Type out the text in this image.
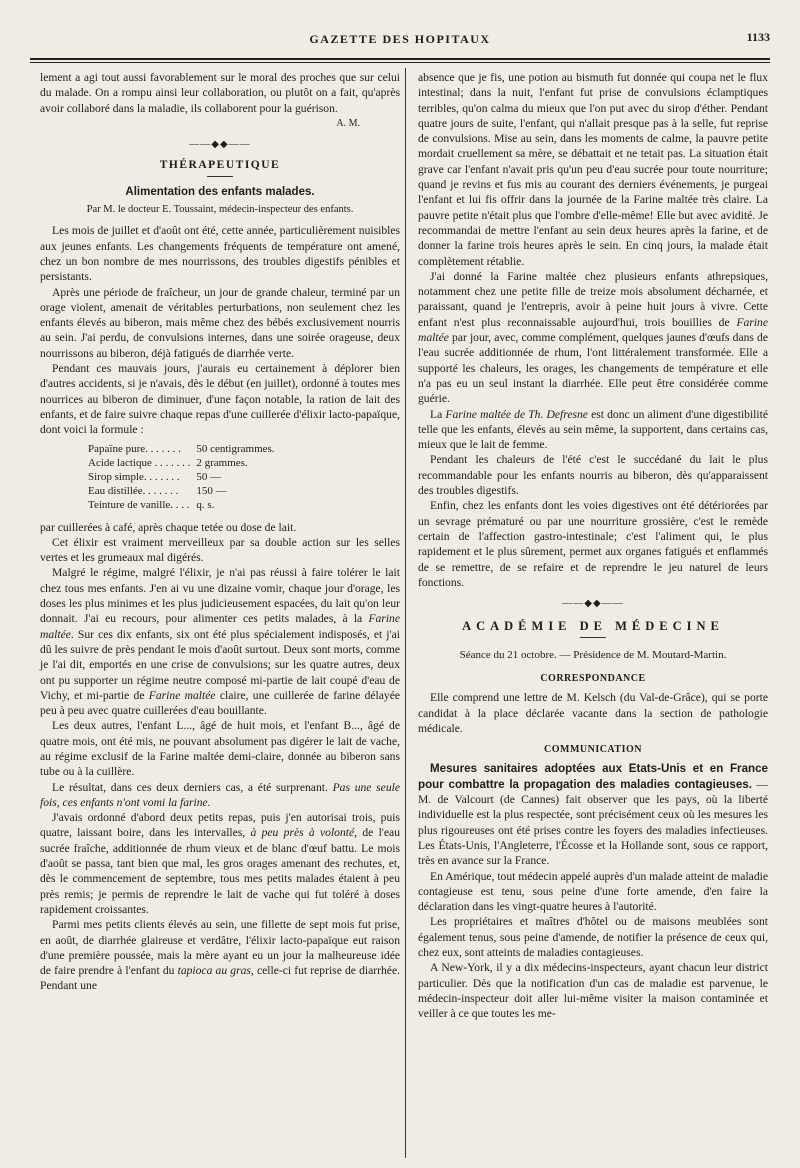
GAZETTE DES HOPITAUX	1133

lement a agi tout aussi favorablement sur le moral des proches que sur celui du malade. On a rompu ainsi leur collaboration, ou plutôt on a fait, qu'après avoir collaboré dans la maladie, ils collaborent pour la guérison.

A. M.
——◆◆——
THÉRAPEUTIQUE
Alimentation des enfants malades.
Par M. le docteur E. Toussaint, médecin-inspecteur des enfants.

Les mois de juillet et d'août ont été, cette année, particulièrement nuisibles aux jeunes enfants. Les changements fréquents de température ont amené, chez un bon nombre de mes nourrissons, des troubles digestifs pénibles et persistants.

Après une période de fraîcheur, un jour de grande chaleur, terminé par un orage violent, amenait de véritables perturbations, non seulement chez les enfants élevés au biberon, mais même chez des bébés exclusivement nourris au sein. J'ai perdu, de convulsions internes, dans une soirée orageuse, deux nourrissons au biberon, déjà fatigués de diarrhée verte.

Pendant ces mauvais jours, j'aurais eu certainement à déplorer bien d'autres accidents, si je n'avais, dès le début (en juillet), ordonné à toutes mes nourrices au biberon de diminuer, d'une façon notable, la ration de lait des enfants, et de faire suivre chaque repas d'une cuillerée d'élixir lacto-papaïque, dont voici la formule :

Papaïne pure. . . . . . .	50 centigrammes.
Acide lactique . . . . . . .	2 grammes.
Sirop simple. . . . . . .	50 —
Eau distillée. . . . . . .	150 —
Teinture de vanille. . . .	q. s.

par cuillerées à café, après chaque tetée ou dose de lait.

Cet élixir est vraiment merveilleux par sa double action sur les selles vertes et les grumeaux mal digérés.

Malgré le régime, malgré l'élixir, je n'ai pas réussi à faire tolérer le lait chez tous mes enfants. J'en ai vu une dizaine vomir, chaque jour d'orage, les doses les plus minimes et les plus judicieusement espacées, du lait qu'on leur donnait. J'ai eu recours, pour alimenter ces petits malades, à la Farine maltée. Sur ces dix enfants, six ont été plus spécialement indisposés, et j'ai dû les suivre de près pendant le mois d'août surtout. Deux sont morts, comme je l'ai dit, emportés en une crise de convulsions; sur les quatre autres, deux ont pu supporter un régime neutre composé mi-partie de lait coupé d'eau de Vichy, et mi-partie de Farine maltée claire, une cuillerée de farine délayée peu à peu avec quatre cuillerées d'eau bouillante.

Les deux autres, l'enfant L..., âgé de huit mois, et l'enfant B..., âgé de quatre mois, ont été mis, ne pouvant absolument pas digérer le lait de vache, au régime exclusif de la Farine maltée demi-claire, donnée au biberon sans tube ou à la cuillère.

Le résultat, dans ces deux derniers cas, a été surprenant. Pas une seule fois, ces enfants n'ont vomi la farine.

J'avais ordonné d'abord deux petits repas, puis j'en autorisai trois, puis quatre, laissant boire, dans les intervalles, à peu près à volonté, de l'eau sucrée fraîche, additionnée de rhum vieux et de blanc d'œuf battu. Le mois d'août se passa, tant bien que mal, les gros orages amenant des rechutes, et, dès le commencement de septembre, tous mes petits malades étaient à peu près remis; je permis de reprendre le lait de vache qui fut toléré à doses rapidement croissantes.

Parmi mes petits clients élevés au sein, une fillette de sept mois fut prise, en août, de diarrhée glaireuse et verdâtre, l'élixir lacto-papaïque eut raison d'une première poussée, mais la mère ayant eu un jour la malheureuse idée de faire prendre à l'enfant du tapioca au gras, celle-ci fut reprise de diarrhée. Pendant une

absence que je fis, une potion au bismuth fut donnée qui coupa net le flux intestinal; dans la nuit, l'enfant fut prise de convulsions éclamptiques terribles, qu'on calma du mieux que l'on put avec du sirop d'éther. Pendant quatre jours de suite, l'enfant, qui n'allait presque pas à la selle, fut reprise de convulsions. Mise au sein, dans les moments de calme, la pauvre petite mordait cruellement sa mère, se débattait et ne tetait pas. La situation était grave car l'enfant n'avait pris qu'un peu d'eau sucrée pour toute nourriture; quand je revins et fus mis au courant des derniers événements, je purgeai l'enfant et lui fis offrir dans la journée de la Farine maltée très claire. La pauvre petite n'était plus que l'ombre d'elle-même! Elle but avec avidité. Je recommandai de mettre l'enfant au sein deux heures après la farine, et de donner la farine trois heures après le sein. En cinq jours, la malade était complètement rétablie.

J'ai donné la Farine maltée chez plusieurs enfants athrepsiques, notamment chez une petite fille de treize mois absolument décharnée, et paraissant, quand je l'entrepris, avoir à peine huit jours à vivre. Cette enfant n'est plus reconnaissable aujourd'hui, trois bouillies de Farine maltée par jour, avec, comme complément, quelques jaunes d'œufs dans de l'eau sucrée additionnée de rhum, l'ont littéralement transformée. Elle a supporté les chaleurs, les orages, les changements de température et elle n'a pas eu un seul instant la diarrhée. Elle peut être considérée comme guérie.

La Farine maltée de Th. Defresne est donc un aliment d'une digestibilité telle que les enfants, élevés au sein même, la supportent, dans certains cas, mieux que le lait de femme.

Pendant les chaleurs de l'été c'est le succédané du lait le plus recommandable pour les enfants nourris au biberon, dès qu'apparaissent des troubles digestifs.

Enfin, chez les enfants dont les voies digestives ont été détériorées par un sevrage prématuré ou par une nourriture grossière, c'est le remède certain de l'affection gastro-intestinale; c'est l'aliment qui, le plus rapidement et le plus sûrement, permet aux organes fatigués et enflammés de se remettre, de se refaire et de reprendre le jeu naturel de leurs fonctions.

——◆◆——
ACADÉMIE DE MÉDECINE
Séance du 21 octobre. — Présidence de M. Moutard-Martin.
CORRESPONDANCE

Elle comprend une lettre de M. Kelsch (du Val-de-Grâce), qui se porte candidat à la place déclarée vacante dans la section de pathologie médicale.

COMMUNICATION

Mesures sanitaires adoptées aux Etats-Unis et en France pour combattre la propagation des maladies contagieuses. — M. de Valcourt (de Cannes) fait observer que les pays, où la liberté individuelle est la plus respectée, sont précisément ceux où les mesures les plus rigoureuses ont été prises contre les foyers des maladies infectieuses. Les États-Unis, l'Angleterre, l'Écosse et la Hollande sont, sous ce rapport, très en avance sur la France.

En Amérique, tout médecin appelé auprès d'un malade atteint de maladie contagieuse est tenu, sous peine d'une forte amende, d'en faire la déclaration dans les vingt-quatre heures à l'autorité.

Les propriétaires et maîtres d'hôtel ou de maisons meublées sont également tenus, sous peine d'amende, de notifier la présence de ceux qui, chez eux, sont atteints de maladies contagieuses.

A New-York, il y a dix médecins-inspecteurs, ayant chacun leur district particulier. Dès que la notification d'un cas de maladie est parvenue, le médecin-inspecteur doit aller lui-même visiter la maison contaminée et veiller à ce que toutes les me-
